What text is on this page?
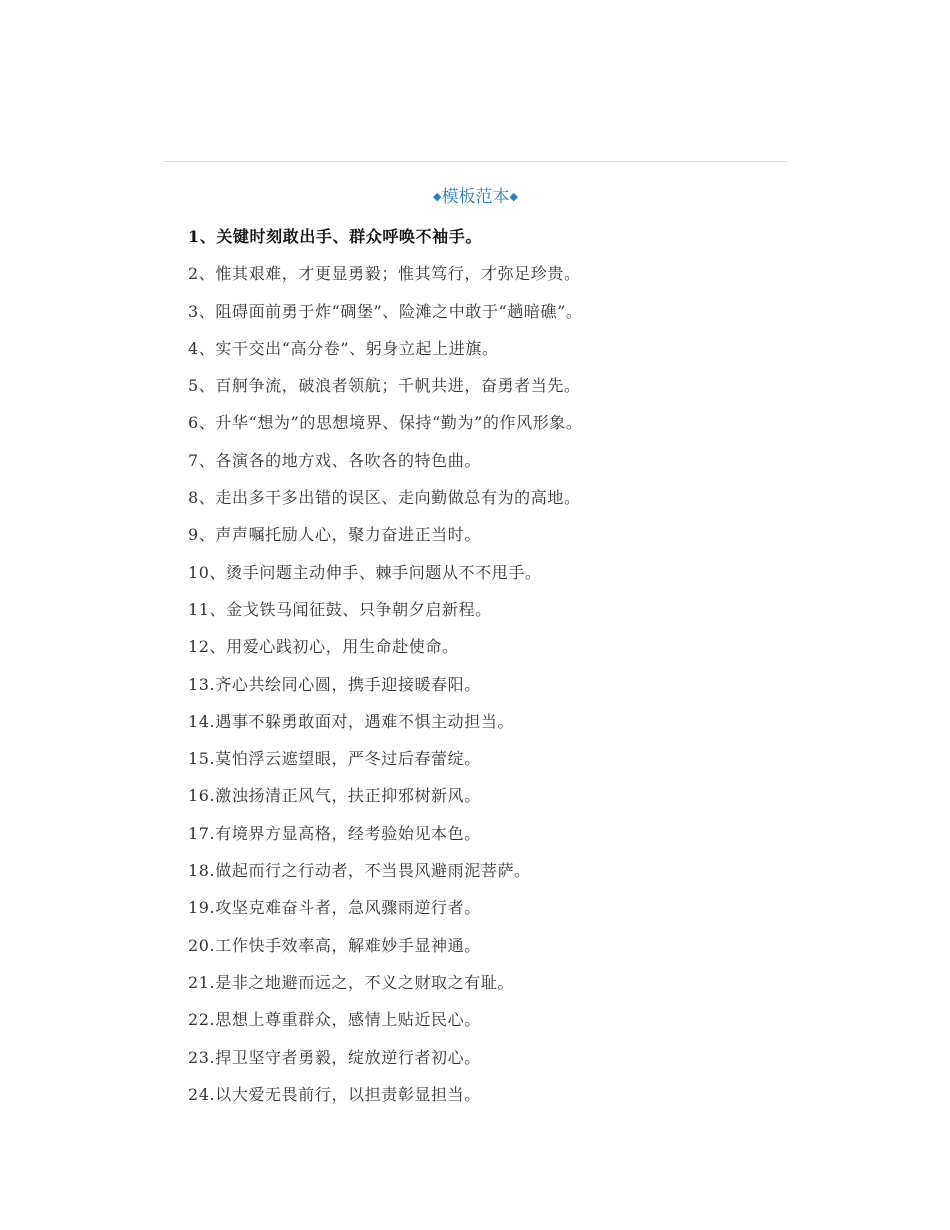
◆模板范本◆
1、关键时刻敢出手、群众呼唤不袖手。
2、惟其艰难，才更显勇毅；惟其笃行，才弥足珍贵。
3、阻碍面前勇于炸“碉堡”、险滩之中敢于“趟暗礁”。
4、实干交出“高分卷”、躬身立起上进旗。
5、百舸争流，破浪者领航；千帆共进，奋勇者当先。
6、升华“想为”的思想境界、保持“勤为”的作风形象。
7、各演各的地方戏、各吹各的特色曲。
8、走出多干多出错的误区、走向勤做总有为的高地。
9、声声嘱托励人心，聚力奋进正当时。
10、烫手问题主动伸手、棘手问题从不不甩手。
11、金戈铁马闻征鼓、只争朝夕启新程。
12、用爱心践初心，用生命赴使命。
13.齐心共绘同心圆，携手迎接暖春阳。
14.遇事不躲勇敢面对，遇难不惧主动担当。
15.莫怕浮云遮望眼，严冬过后春蕾绽。
16.激浊扬清正风气，扶正抑邪树新风。
17.有境界方显高格，经考验始见本色。
18.做起而行之行动者，不当畏风避雨泥菩萨。
19.攻坚克难奋斗者，急风骤雨逆行者。
20.工作快手效率高，解难妙手显神通。
21.是非之地避而远之，不义之财取之有耻。
22.思想上尊重群众，感情上贴近民心。
23.捍卫坚守者勇毅，绽放逆行者初心。
24.以大爱无畏前行，以担责彰显担当。
